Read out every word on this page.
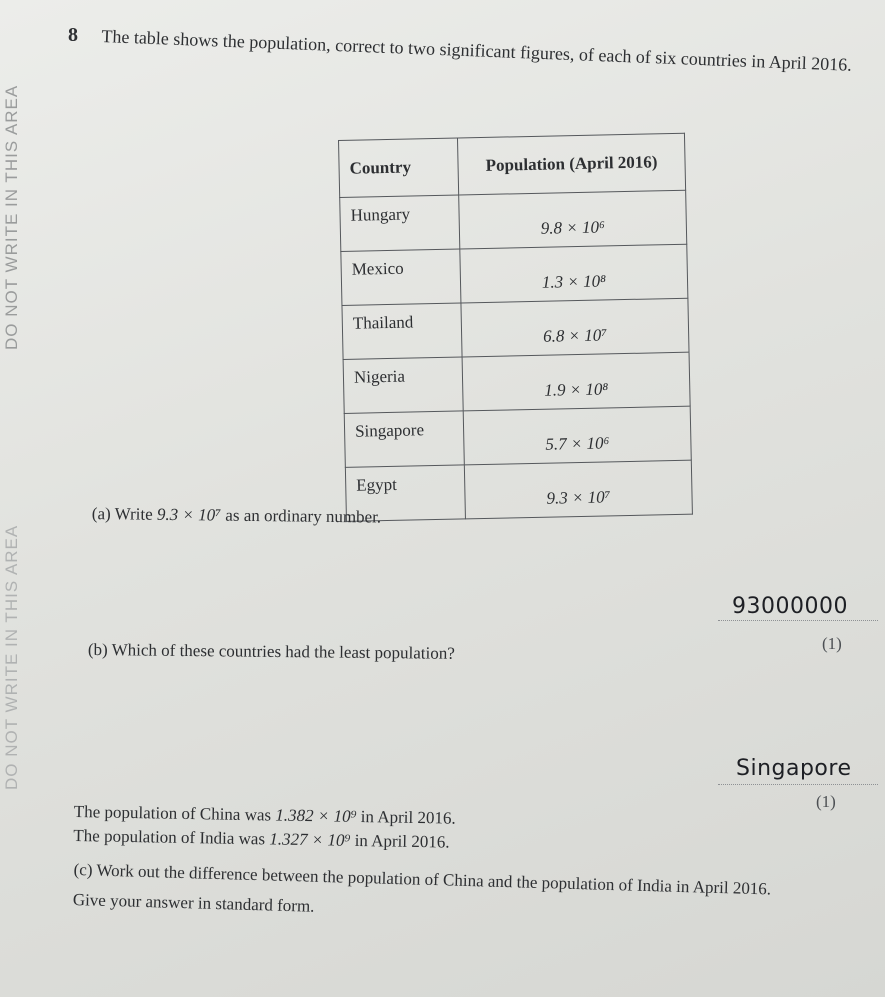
DO NOT WRITE IN THIS AREA
DO NOT WRITE IN THIS AREA
8 The table shows the population, correct to two significant figures, of each of six countries in April 2016.
Country	Population (April 2016)
Hungary	9.8 × 10⁶
Mexico	1.3 × 10⁸
Thailand	6.8 × 10⁷
Nigeria	1.9 × 10⁸
Singapore	5.7 × 10⁶
Egypt	9.3 × 10⁷
(a) Write 9.3 × 10⁷ as an ordinary number.
93000000
(1)
(b) Which of these countries had the least population?
Singapore
(1)
The population of China was 1.382 × 10⁹ in April 2016.
The population of India was 1.327 × 10⁹ in April 2016.
(c) Work out the difference between the population of China and the population of India in April 2016.
Give your answer in standard form.
